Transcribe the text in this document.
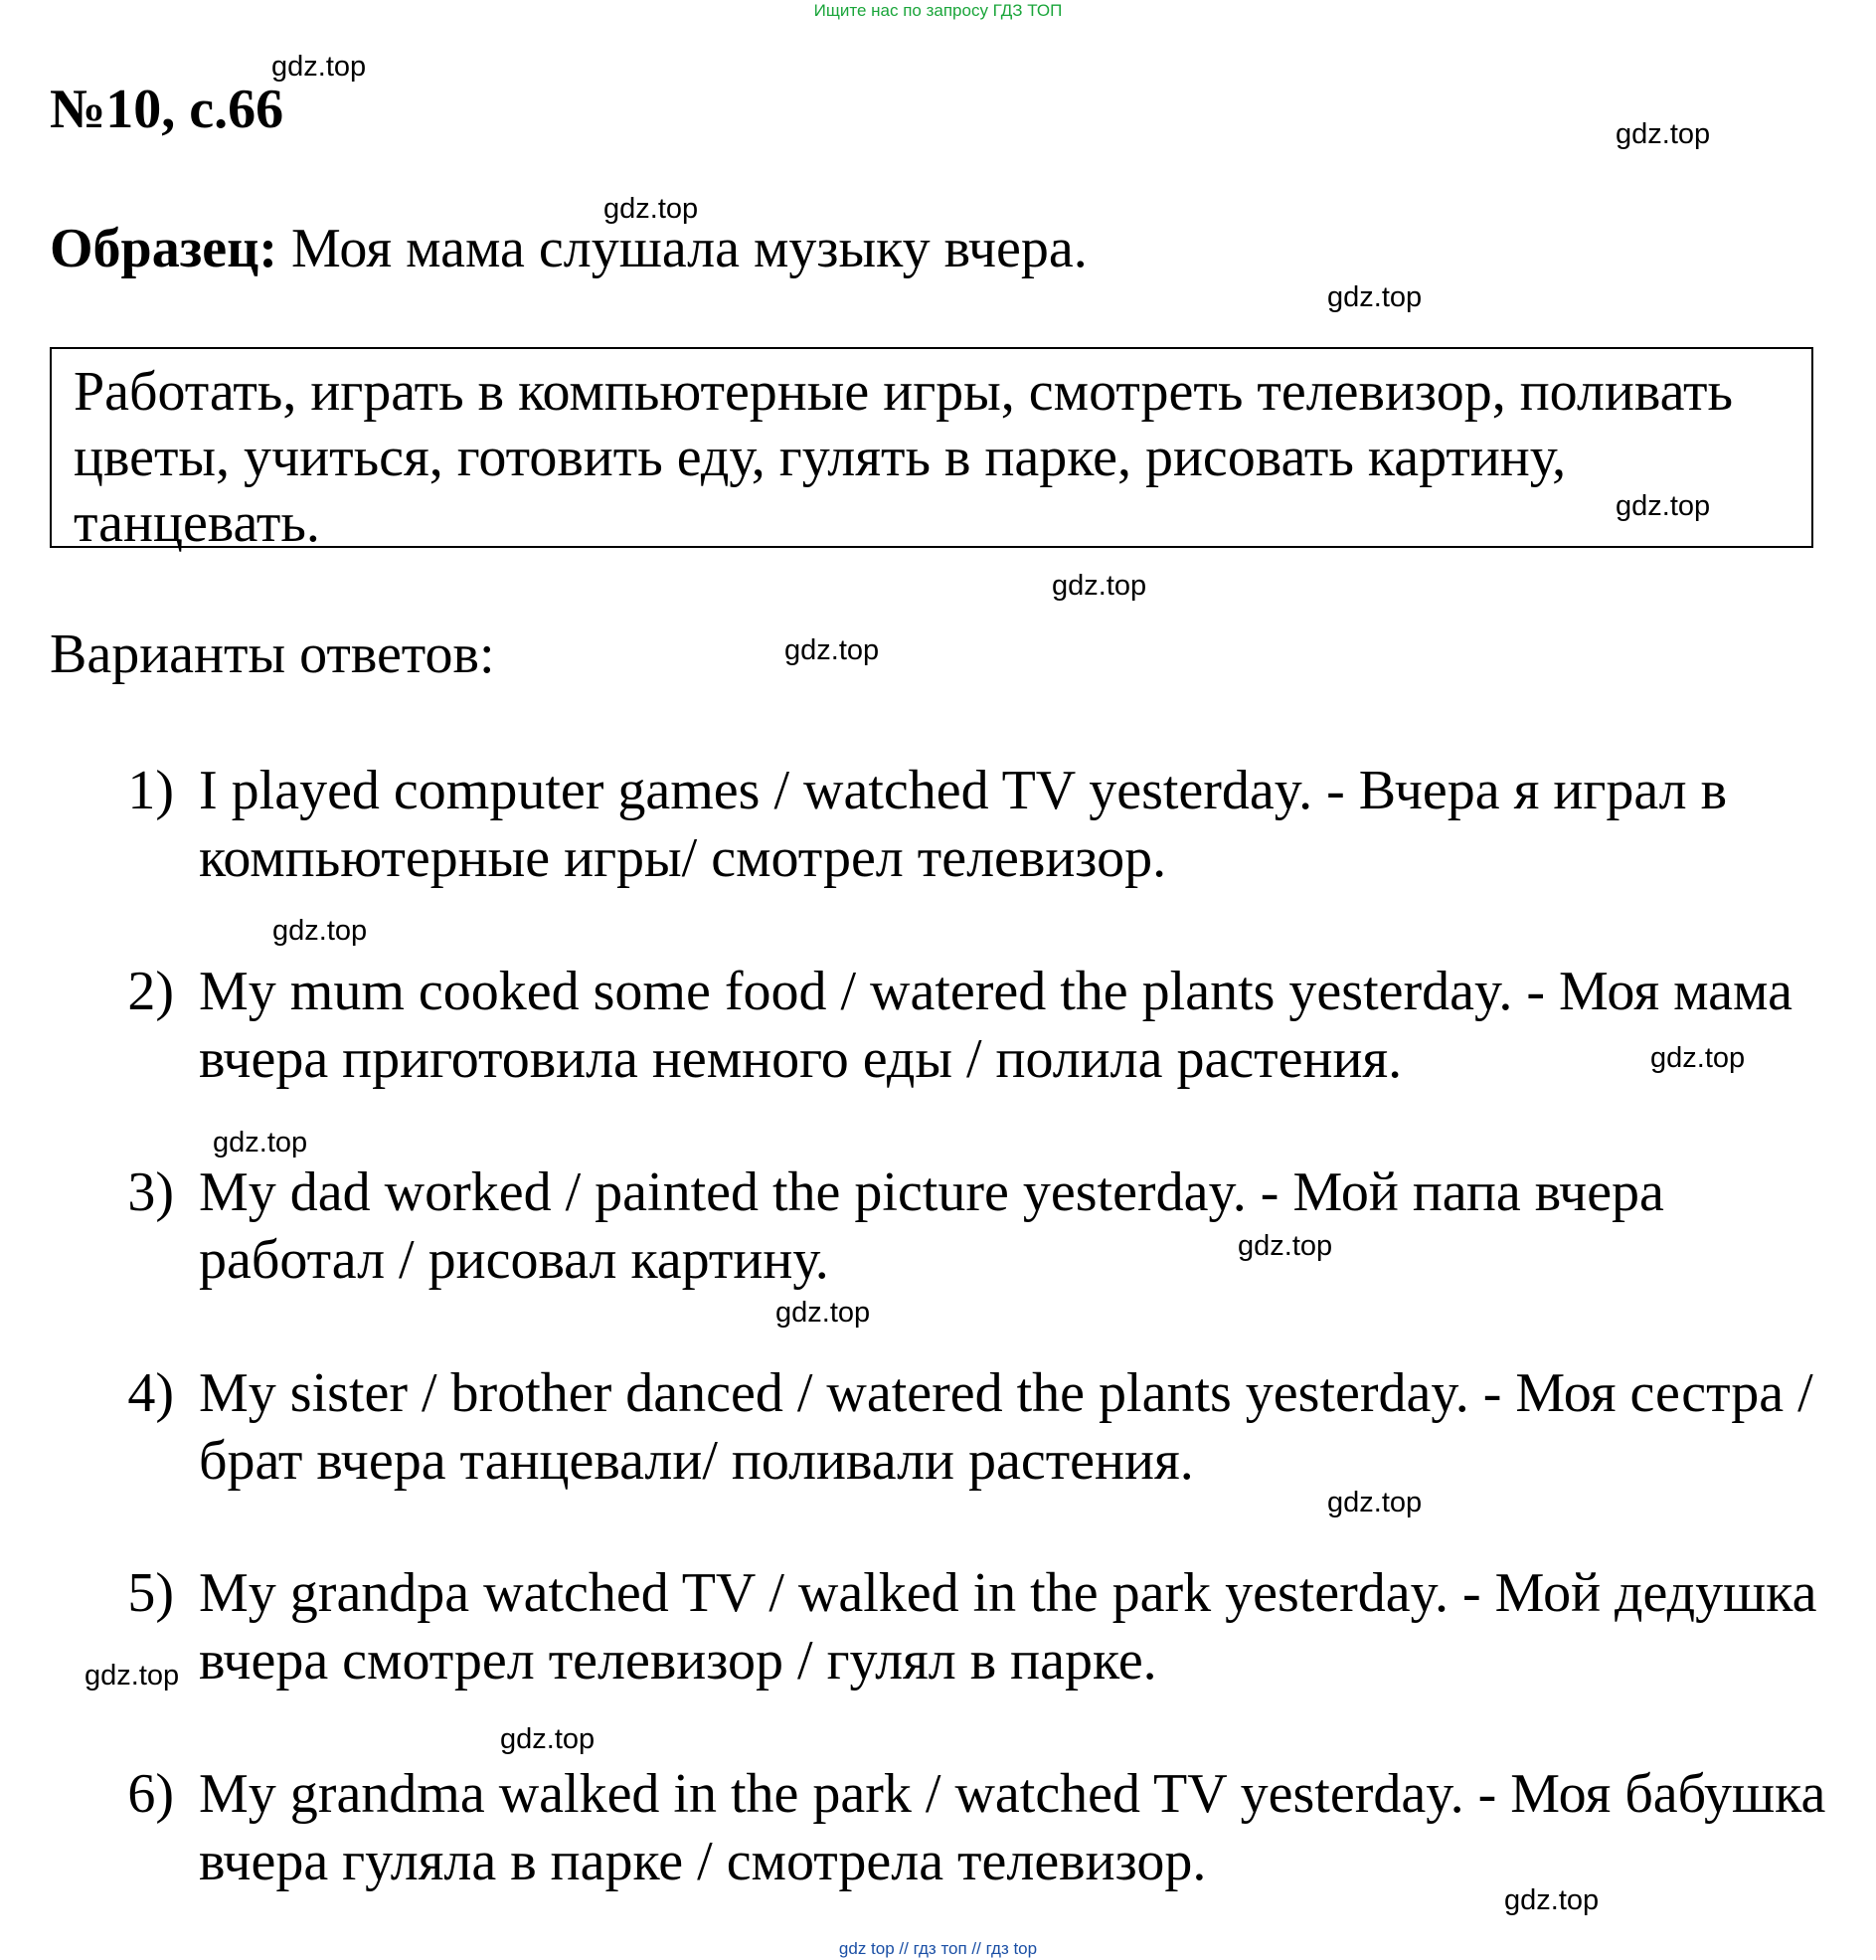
Ищите нас по запросу ГДЗ ТОП
№10, с.66
Образец: Моя мама слушала музыку вчера.
Работать, играть в компьютерные игры, смотреть телевизор, поливать цветы, учиться, готовить еду, гулять в парке, рисовать картину, танцевать.
Варианты ответов:
1) I played computer games / watched TV yesterday. - Вчера я играл в компьютерные игры/ смотрел телевизор.
2) My mum cooked some food / watered the plants yesterday. - Моя мама вчера приготовила немного еды / полила растения.
3) My dad worked / painted the picture yesterday. - Мой папа вчера работал / рисовал картину.
4) My sister / brother danced / watered the plants yesterday. - Моя сестра / брат вчера танцевали/ поливали растения.
5) My grandpa watched TV / walked in the park yesterday. - Мой дедушка вчера смотрел телевизор / гулял в парке.
6) My grandma walked in the park / watched TV yesterday. - Моя бабушка вчера гуляла в парке / смотрела телевизор.
gdz.top
gdz.top
gdz.top
gdz.top
gdz.top
gdz.top
gdz.top
gdz.top
gdz.top
gdz.top
gdz.top
gdz.top
gdz.top
gdz.top
gdz.top
gdz.top
gdz top // гдз топ // гдз top
